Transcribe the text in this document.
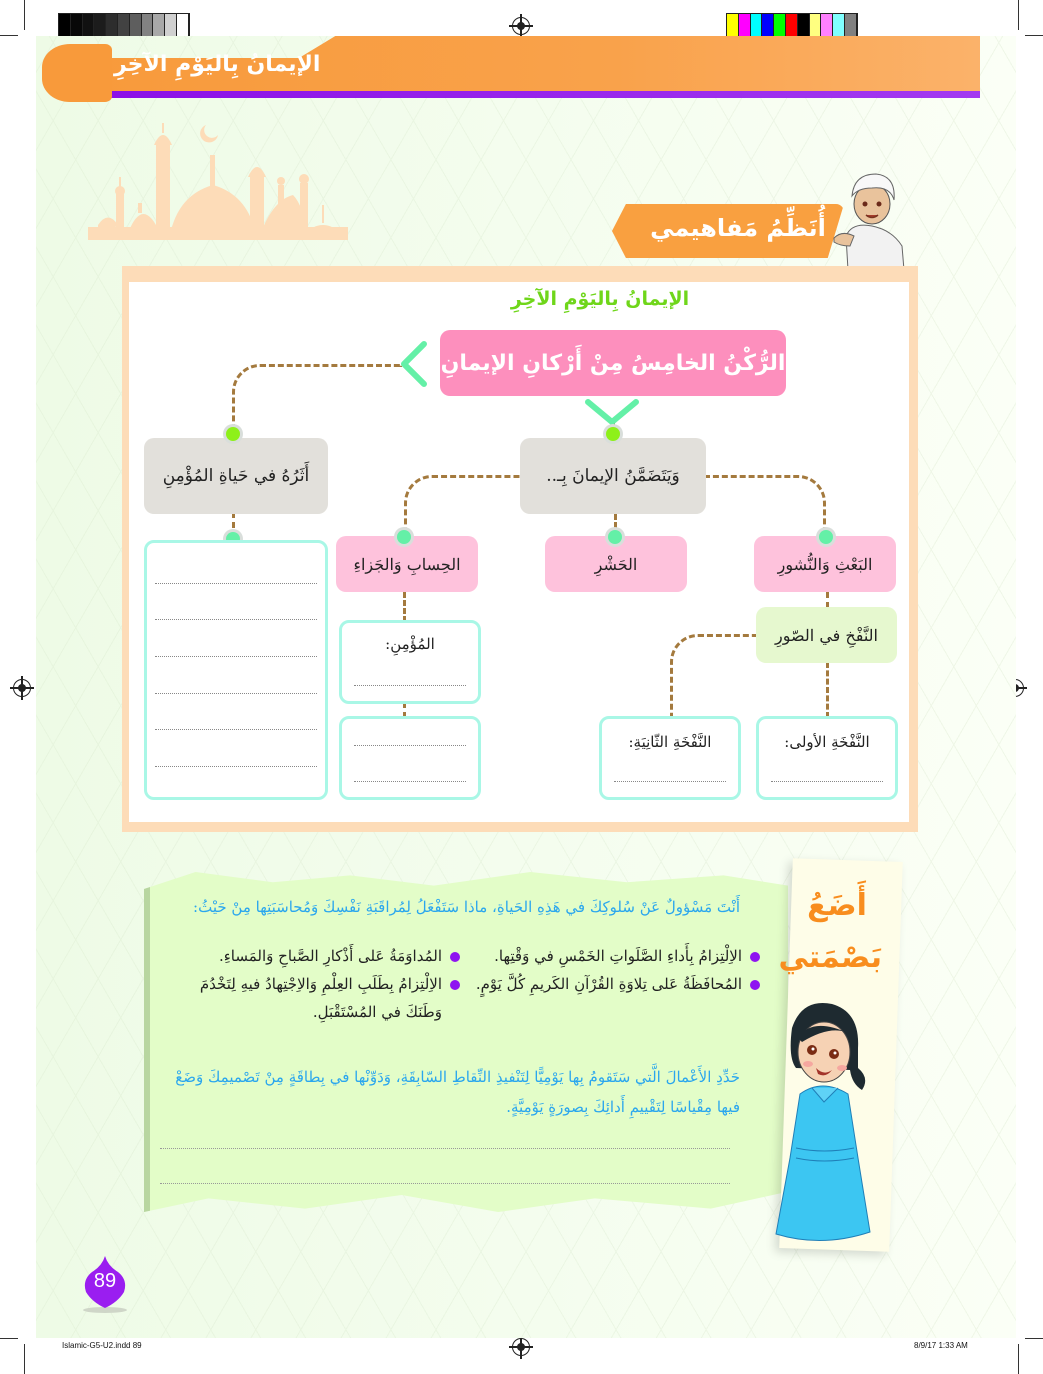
Islamic-G5-U2.indd 89	8/9/17 1:33 AM
الإيمانُ بِاليَوْمِ الآخِرِ
أُنَظِّمُ مَفاهيمي
الإيمانُ بِاليَوْمِ الآخِرِ
الرُّكْنُ الخامِسُ مِنْ أَرْكانِ الإيمانِ
أَثَرُهُ في حَياةِ المُؤْمِنِ	وَيَتَضَمَّنُ الإيمانَ بِـ..
الحِسابِ وَالجَزاءِ	الحَشْرِ	البَعْثِ وَالنُّشورِ
النَّفْخِ في الصّورِ
المُؤْمِنِ:
النَّفْخَةِ الثّانِيَةِ:	النَّفْخَةِ الأولى:
أَضَعُ
بَصْمَتي
أَنْتَ مَسْؤولٌ عَنْ سُلوكِكَ في هَذِهِ الحَياةِ، ماذا سَتَفْعَلُ لِمُراقَبَةِ نَفْسِكَ وَمُحاسَبَتِها مِنْ حَيْثُ:
الاِلْتِزامُ بِأَداءِ الصَّلَواتِ الخَمْسِ في وَقْتِها.
المُداوَمَةُ عَلى أَذْكارِ الصَّباحِ وَالمَساءِ.
المُحافَظَةُ عَلى تِلاوَةِ القُرْآنِ الكَريمِ كُلَّ يَوْمٍ.
الاِلْتِزامُ بِطَلَبِ العِلْمِ وَالاِجْتِهادُ فيهِ لِتَخْدُمَ وَطَنَكَ في المُسْتَقْبَلِ.
حَدِّدِ الأَعْمالَ الَّتي سَتَقومُ بِها يَوْمِيًّا لِتَنْفيذِ النِّقاطِ السّابِقَةِ، وَدَوِّنْها في بِطاقَةٍ مِنْ تَصْميمِكَ وَضَعْ فيها مِقْياسًا لِتَقْييمِ أَدائِكَ بِصورَةٍ يَوْمِيَّةٍ.
89
